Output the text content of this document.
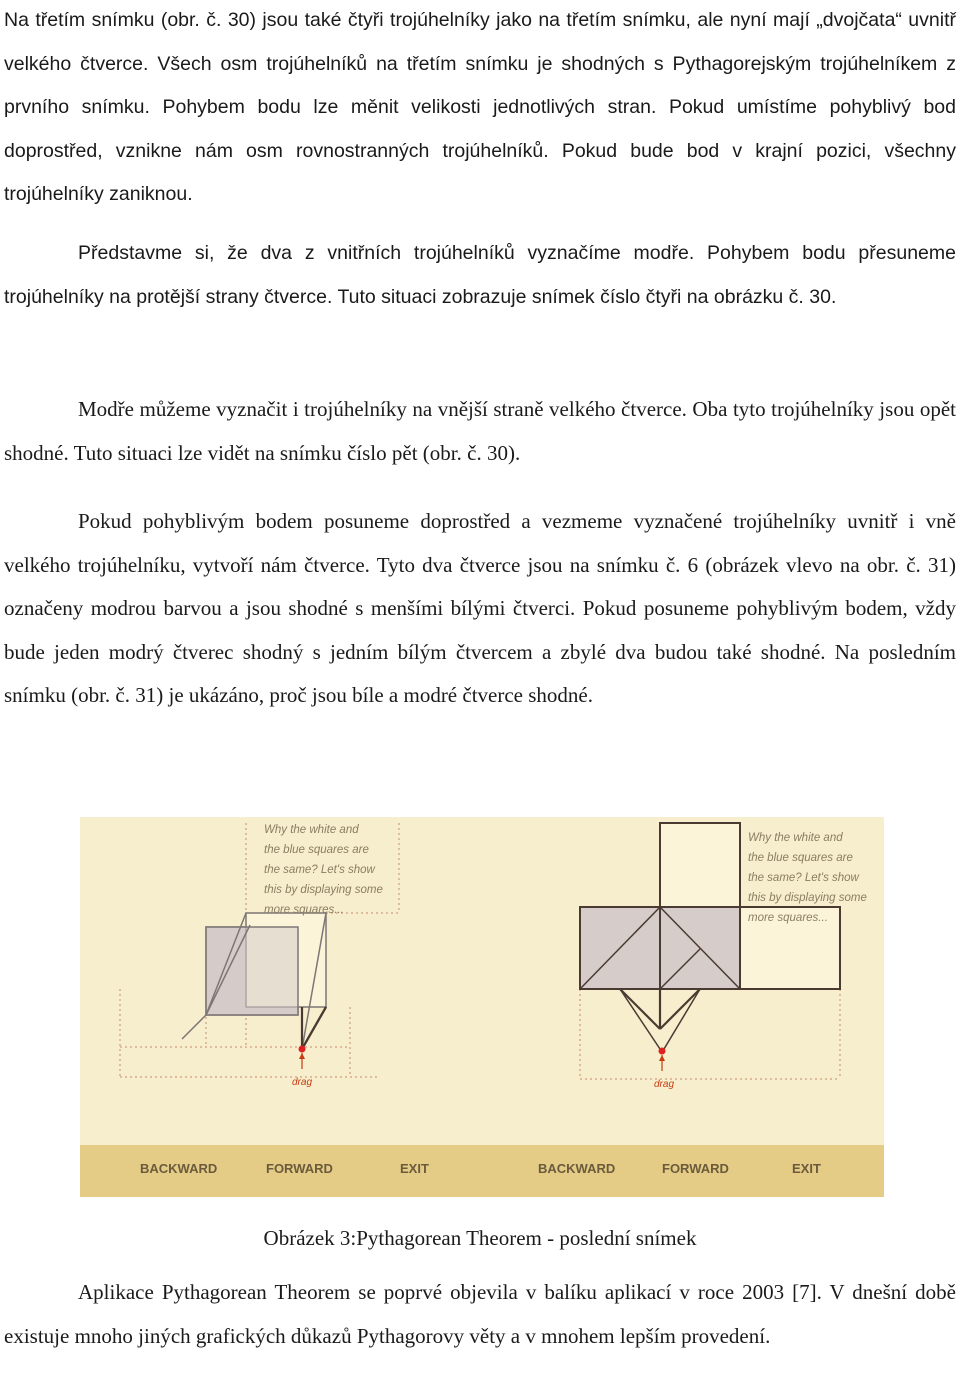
Na třetím snímku (obr. č. 30) jsou také čtyři trojúhelníky jako na třetím snímku, ale nyní mají „dvojčata“ uvnitř velkého čtverce. Všech osm trojúhelníků na třetím snímku je shodných s Pythagorejským trojúhelníkem z prvního snímku. Pohybem bodu lze měnit velikosti jednotlivých stran. Pokud umístíme pohyblivý bod doprostřed, vznikne nám osm rovnostranných trojúhelníků. Pokud bude bod v krajní pozici, všechny trojúhelníky zaniknou.

Představme si, že dva z vnitřních trojúhelníků vyznačíme modře. Pohybem bodu přesuneme trojúhelníky na protější strany čtverce. Tuto situaci zobrazuje snímek číslo čtyři na obrázku č. 30.

Modře můžeme vyznačit i trojúhelníky na vnější straně velkého čtverce. Oba tyto trojúhelníky jsou opět shodné. Tuto situaci lze vidět na snímku číslo pět (obr. č. 30).

Pokud pohyblivým bodem posuneme doprostřed a vezmeme vyznačené trojúhelníky uvnitř i vně velkého trojúhelníku, vytvoří nám čtverce. Tyto dva čtverce jsou na snímku č. 6 (obrázek vlevo na obr. č. 31) označeny modrou barvou a jsou shodné s menšími bílými čtverci. Pokud posuneme pohyblivým bodem, vždy bude jeden modrý čtverec shodný s jedním bílým čtvercem a zbylé dva budou také shodné. Na posledním snímku (obr. č. 31) je ukázáno, proč jsou bíle a modré čtverce shodné.

drag
Why the white and
the blue squares are
the same? Let's show
this by displaying some
more squares...
drag
Why the white and
the blue squares are
the same? Let's show
this by displaying some
more squares...
BACKWARD	FORWARD	EXIT	BACKWARD	FORWARD	EXIT
Obrázek 3:Pythagorean Theorem - poslední snímek

Aplikace Pythagorean Theorem se poprvé objevila v balíku aplikací v roce 2003 [7]. V dnešní době existuje mnoho jiných grafických důkazů Pythagorovy věty a v mnohem lepším provedení.
